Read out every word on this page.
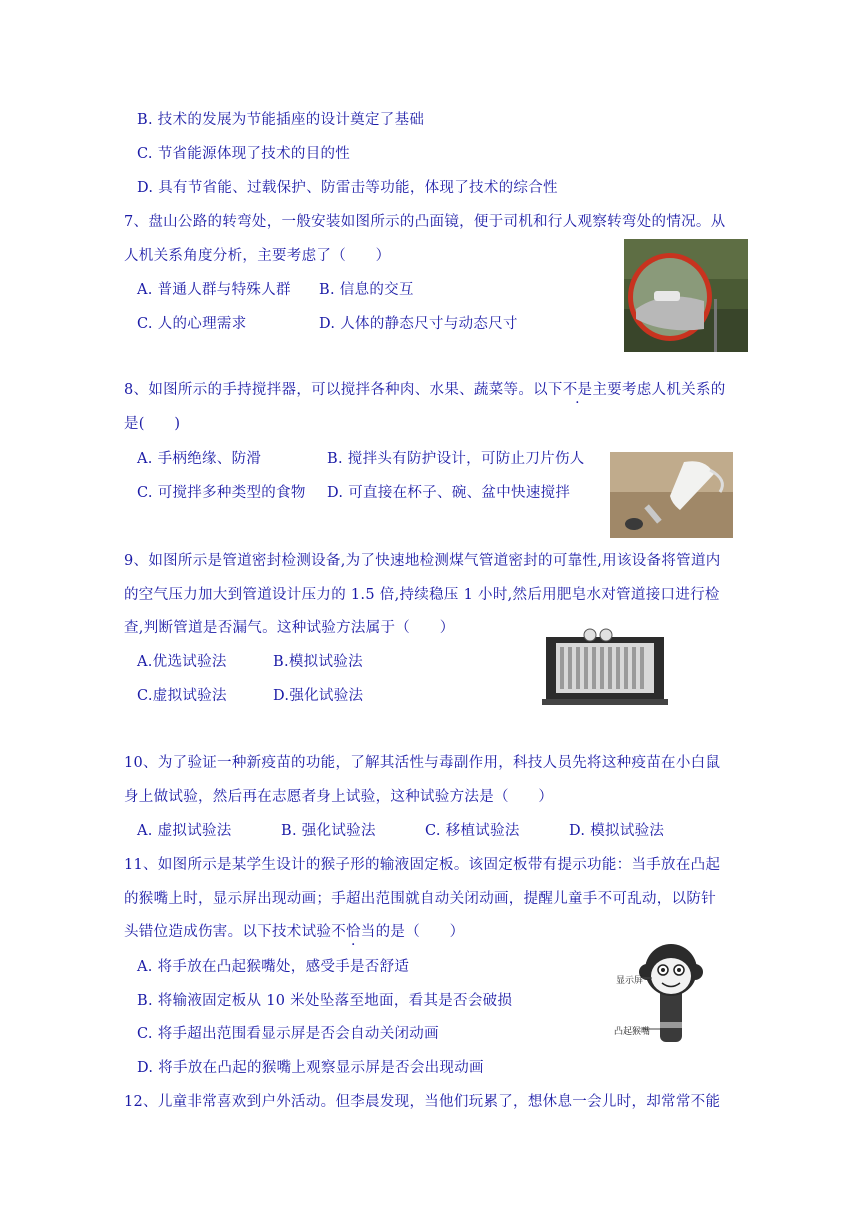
B. 技术的发展为节能插座的设计奠定了基础
C. 节省能源体现了技术的目的性
D. 具有节省能、过载保护、防雷击等功能，体现了技术的综合性
7、盘山公路的转弯处，一般安装如图所示的凸面镜，便于司机和行人观察转弯处的情况。从
人机关系角度分析，主要考虑了（　　）
A. 普通人群与特殊人群 B. 信息的交互
C. 人的心理需求	D. 人体的静态尺寸与动态尺寸
8、如图所示的手持搅拌器，可以搅拌各种肉、水果、蔬菜等。以下不是主要考虑人机关系的
是(　　)
A. 手柄绝缘、防滑	B. 搅拌头有防护设计，可防止刀片伤人
C. 可搅拌多种类型的食物 D. 可直接在杯子、碗、盆中快速搅拌
9、如图所示是管道密封检测设备,为了快速地检测煤气管道密封的可靠性,用该设备将管道内
的空气压力加大到管道设计压力的 1.5 倍,持续稳压 1 小时,然后用肥皂水对管道接口进行检
查,判断管道是否漏气。这种试验方法属于（　　）
A.优选试验法	B.模拟试验法
C.虚拟试验法	D.强化试验法
10、为了验证一种新疫苗的功能，了解其活性与毒副作用，科技人员先将这种疫苗在小白鼠
身上做试验，然后再在志愿者身上试验，这种试验方法是（　　）
A. 虚拟试验法	B. 强化试验法	C. 移植试验法	D. 模拟试验法
11、如图所示是某学生设计的猴子形的输液固定板。该固定板带有提示功能：当手放在凸起
的猴嘴上时，显示屏出现动画；手超出范围就自动关闭动画，提醒儿童手不可乱动，以防针
头错位造成伤害。以下技术试验不恰当的是（　　）
A. 将手放在凸起猴嘴处，感受手是否舒适
B. 将输液固定板从 10 米处坠落至地面，看其是否会破损
C. 将手超出范围看显示屏是否会自动关闭动画
D. 将手放在凸起的猴嘴上观察显示屏是否会出现动画
显示屏
凸起猴嘴
12、儿童非常喜欢到户外活动。但李晨发现，当他们玩累了，想休息一会儿时，却常常不能
